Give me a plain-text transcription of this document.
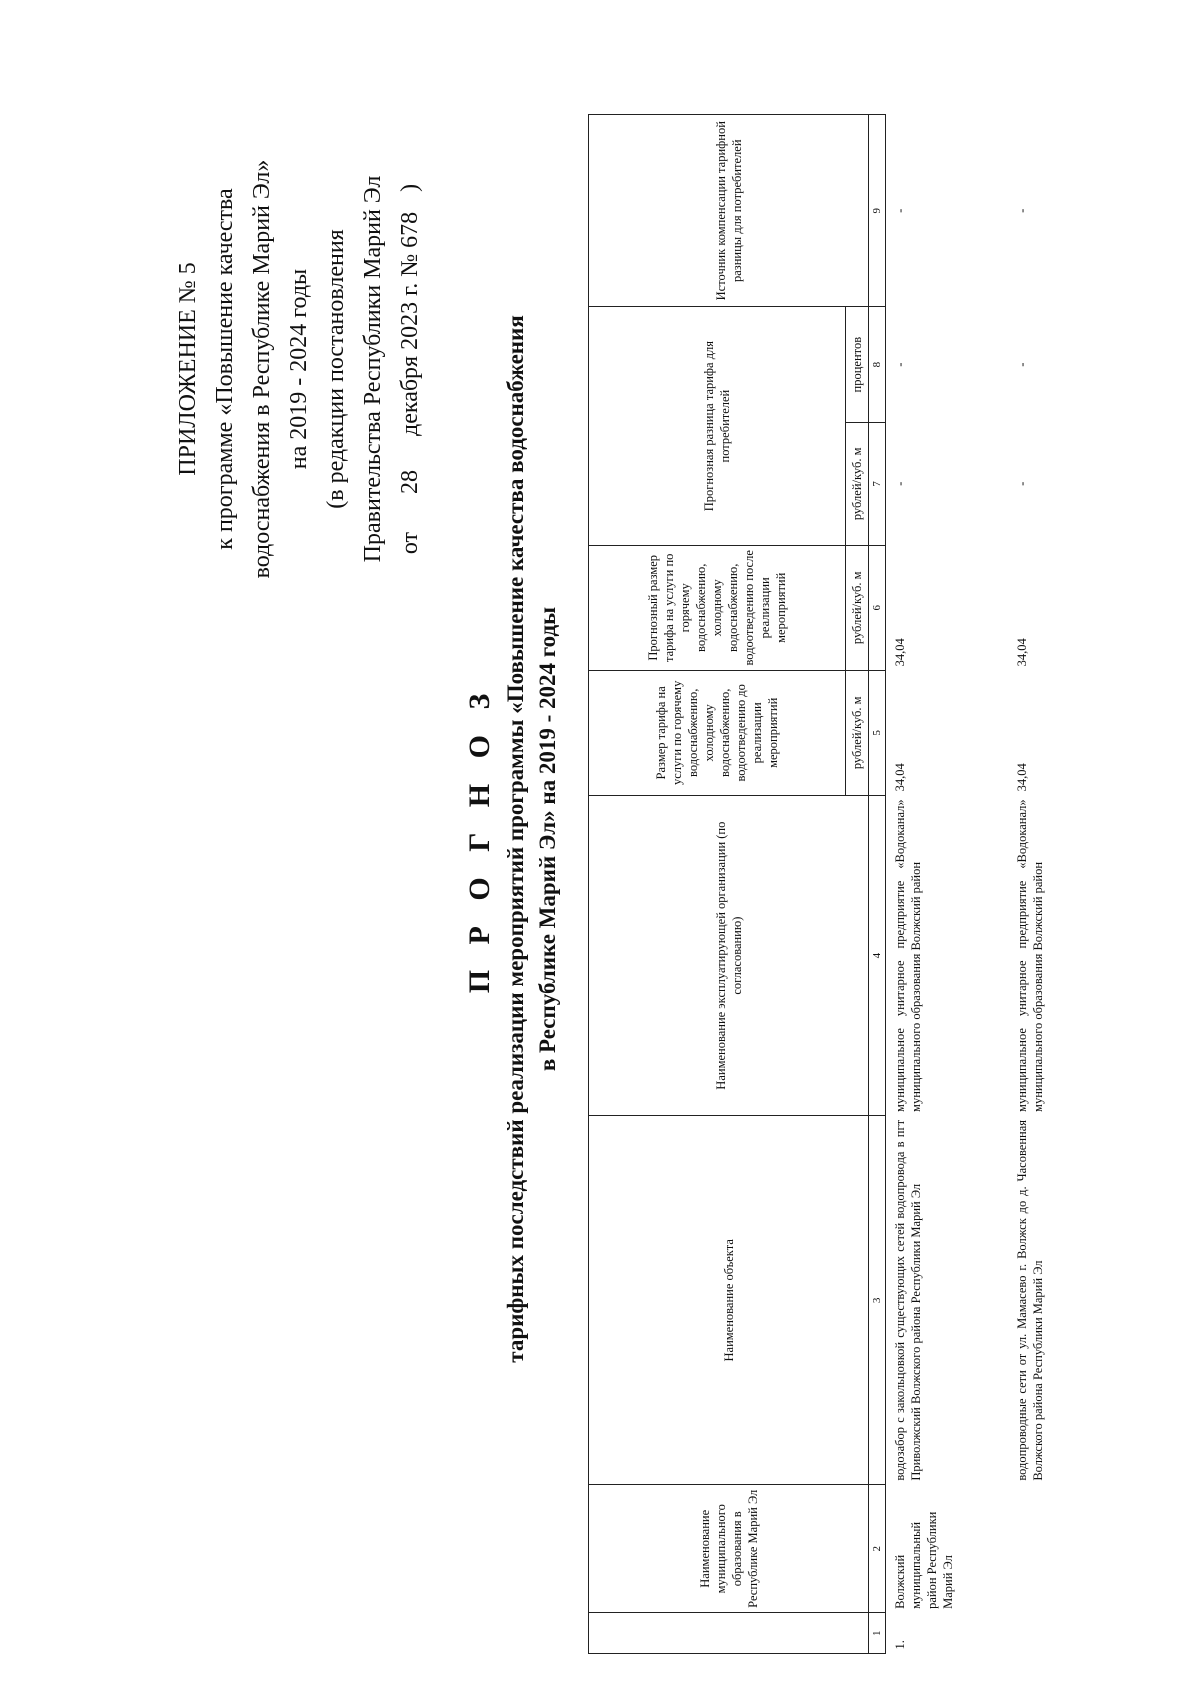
ПРИЛОЖЕНИЕ № 5 к программе «Повышение качества водоснабжения в Республике Марий Эл» на 2019 - 2024 годы (в редакции постановления Правительства Республики Марий Эл от28декабря 2023 г. № 678)
П Р О Г Н О З тарифных последствий реализации мероприятий программы «Повышение качества водоснабжения в Республике Марий Эл» на 2019 - 2024 годы
	Наименование муниципального образования в Республике Марий Эл	Наименование объекта	Наименование эксплуатирующей организации (по согласованию)	Размер тарифа на услуги по горячему водоснабжению, холодному водоснабжению, водоотведению до реализации мероприятий	Прогнозный размер тарифа на услуги по горячему водоснабжению, холодному водоснабжению, водоотведению после реализации мероприятий	Прогнозная разница тарифа для потребителей		Источник компенсации тарифной разницы для потребителей
				рублей/куб. м	рублей/куб. м	рублей/куб. м	процентов	
1	2	3	4	5	6	7	8	9
1.	Волжский муниципальный район Республики Марий Эл	водозабор с закольцовкой существующих сетей водопровода в пгт Приволжский Волжского района Республики Марий Эл	муниципальное унитарное предприятие «Водоканал» муниципального образования Волжский район	34,04	34,04	-	-	-
		водопроводные сети от ул. Мамасево г. Волжск до д. Часовенная Волжского района Республики Марий Эл	муниципальное унитарное предприятие «Водоканал» муниципального образования Волжский район	34,04	34,04	-	-	-
